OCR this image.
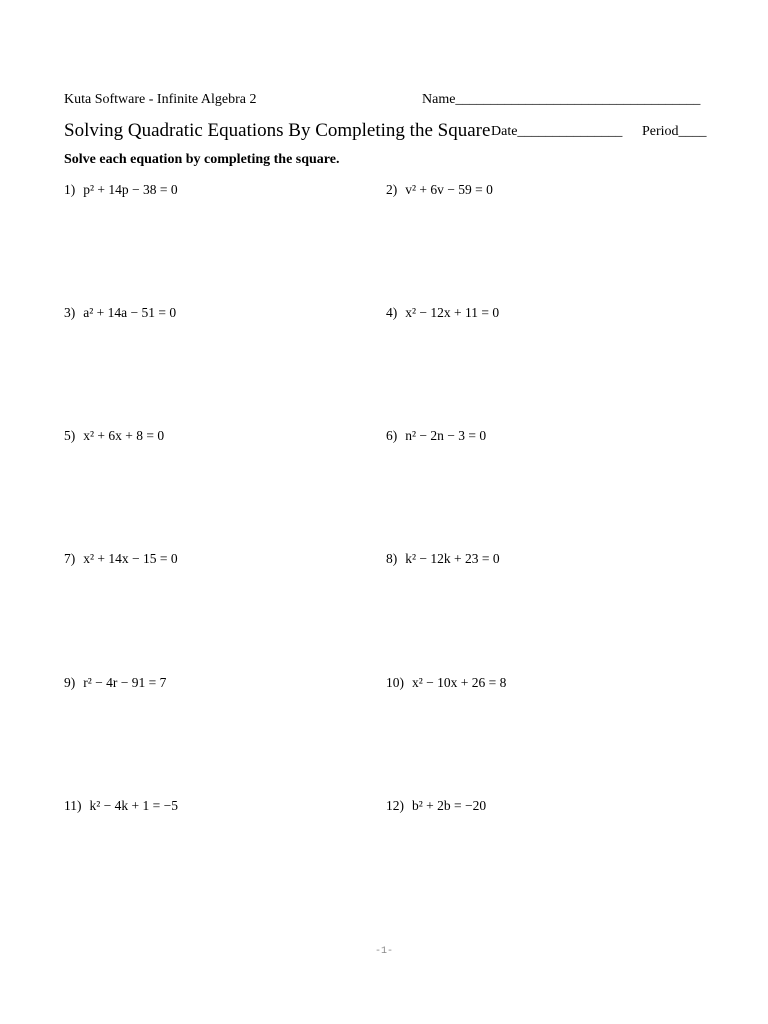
Kuta Software - Infinite Algebra 2	Name___________________________________
Solving Quadratic Equations By Completing the Square Date_______________ Period____
Solve each equation by completing the square.
1) p² + 14p − 38 = 0	2) v² + 6v − 59 = 0
3) a² + 14a − 51 = 0	4) x² − 12x + 11 = 0
5) x² + 6x + 8 = 0	6) n² − 2n − 3 = 0
7) x² + 14x − 15 = 0	8) k² − 12k + 23 = 0
9) r² − 4r − 91 = 7	10) x² − 10x + 26 = 8
11) k² − 4k + 1 = −5	12) b² + 2b = −20
-1-
